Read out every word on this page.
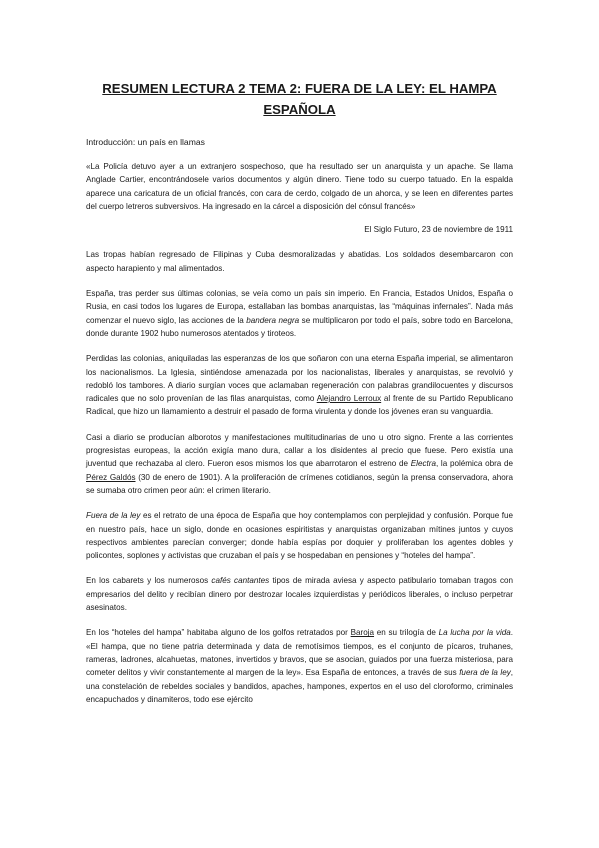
RESUMEN LECTURA 2 TEMA 2: FUERA DE LA LEY: EL HAMPA ESPAÑOLA
Introducción: un país en llamas

«La Policía detuvo ayer a un extranjero sospechoso, que ha resultado ser un anarquista y un apache. Se llama Anglade Cartier, encontrándosele varios documentos y algún dinero. Tiene todo su cuerpo tatuado. En la espalda aparece una caricatura de un oficial francés, con cara de cerdo, colgado de un ahorca, y se leen en diferentes partes del cuerpo letreros subversivos. Ha ingresado en la cárcel a disposición del cónsul francés»

El Siglo Futuro, 23 de noviembre de 1911

Las tropas habían regresado de Filipinas y Cuba desmoralizadas y abatidas. Los soldados desembarcaron con aspecto harapiento y mal alimentados.

España, tras perder sus últimas colonias, se veía como un país sin imperio. En Francia, Estados Unidos, España o Rusia, en casi todos los lugares de Europa, estallaban las bombas anarquistas, las “máquinas infernales”. Nada más comenzar el nuevo siglo, las acciones de la bandera negra se multiplicaron por todo el país, sobre todo en Barcelona, donde durante 1902 hubo numerosos atentados y tiroteos.

Perdidas las colonias, aniquiladas las esperanzas de los que soñaron con una eterna España imperial, se alimentaron los nacionalismos. La Iglesia, sintiéndose amenazada por los nacionalistas, liberales y anarquistas, se revolvió y redobló los tambores. A diario surgían voces que aclamaban regeneración con palabras grandilocuentes y discursos radicales que no solo provenían de las filas anarquistas, como Alejandro Lerroux al frente de su Partido Republicano Radical, que hizo un llamamiento a destruir el pasado de forma virulenta y donde los jóvenes eran su vanguardia.

Casi a diario se producían alborotos y manifestaciones multitudinarias de uno u otro signo. Frente a las corrientes progresistas europeas, la acción exigía mano dura, callar a los disidentes al precio que fuese. Pero existía una juventud que rechazaba al clero. Fueron esos mismos los que abarrotaron el estreno de Electra, la polémica obra de Pérez Galdós (30 de enero de 1901). A la proliferación de crímenes cotidianos, según la prensa conservadora, ahora se sumaba otro crimen peor aún: el crimen literario.

Fuera de la ley es el retrato de una época de España que hoy contemplamos con perplejidad y confusión. Porque fue en nuestro país, hace un siglo, donde en ocasiones espiritistas y anarquistas organizaban mítines juntos y cuyos respectivos ambientes parecían converger; donde había espías por doquier y proliferaban los agentes dobles y policontes, soplones y activistas que cruzaban el país y se hospedaban en pensiones y “hoteles del hampa”.

En los cabarets y los numerosos cafés cantantes tipos de mirada aviesa y aspecto patibulario tomaban tragos con empresarios del delito y recibían dinero por destrozar locales izquierdistas y periódicos liberales, o incluso perpetrar asesinatos.

En los “hoteles del hampa” habitaba alguno de los golfos retratados por Baroja en su trilogía de La lucha por la vida. «El hampa, que no tiene patria determinada y data de remotísimos tiempos, es el conjunto de pícaros, truhanes, rameras, ladrones, alcahuetas, matones, invertidos y bravos, que se asocian, guiados por una fuerza misteriosa, para cometer delitos y vivir constantemente al margen de la ley». Esa España de entonces, a través de sus fuera de la ley, una constelación de rebeldes sociales y bandidos, apaches, hampones, expertos en el uso del cloroformo, criminales encapuchados y dinamiteros, todo ese ejército
